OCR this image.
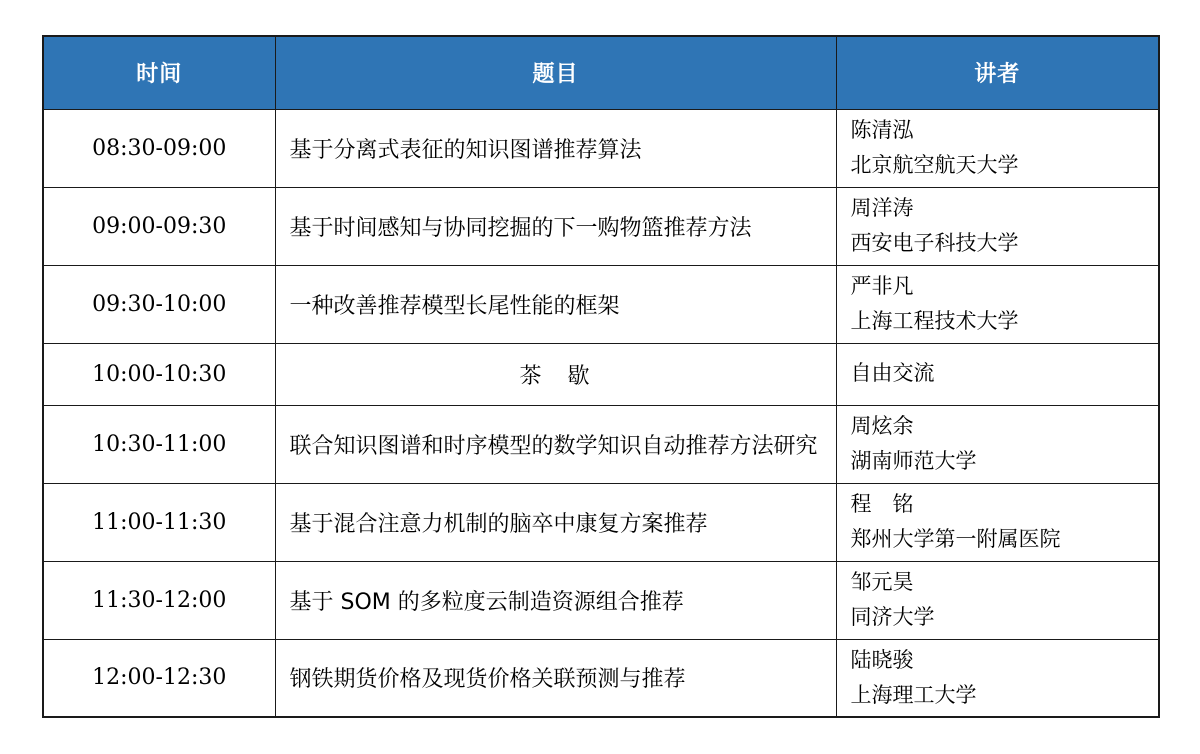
时间	题目	讲者
08:30-09:00	基于分离式表征的知识图谱推荐算法	陈清泓
北京航空航天大学

09:00-09:30	基于时间感知与协同挖掘的下一购物篮推荐方法	周洋涛
西安电子科技大学

09:30-10:00	一种改善推荐模型长尾性能的框架	严非凡
上海工程技术大学

10:00-10:30	茶　歇	自由交流

10:30-11:00	联合知识图谱和时序模型的数学知识自动推荐方法研究	周炫余
湖南师范大学

11:00-11:30	基于混合注意力机制的脑卒中康复方案推荐	程　铭
郑州大学第一附属医院

11:30-12:00	基于 SOM 的多粒度云制造资源组合推荐	邹元昊
同济大学

12:00-12:30	钢铁期货价格及现货价格关联预测与推荐	陆晓骏
上海理工大学
